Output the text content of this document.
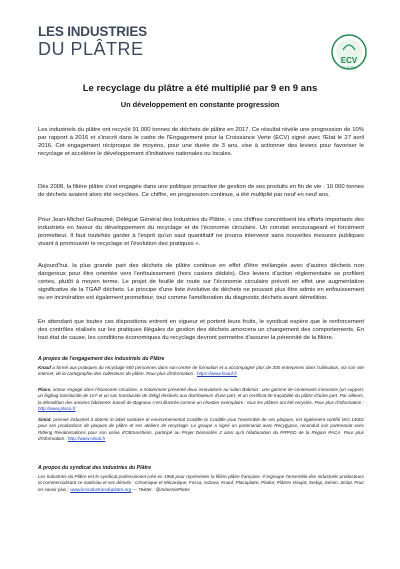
LES INDUSTRIES
DU PLÂTRE
ECV
PLÂTRE
Le recyclage du plâtre a été multiplié par 9 en 9 ans
Un développement en constante progression
Les industriels du plâtre ont recyclé 91 000 tonnes de déchets de plâtre en 2017. Ce résultat révèle une progression de 10% par rapport à 2016 et s'inscrit dans le cadre de l'Engagement pour la Croissance Verte (ECV) signé avec l'Etat le 27 avril 2016. Cet engagement réciproque de moyens, pour une durée de 3 ans, vise à actionner des leviers pour favoriser le recyclage et accélérer le développement d'initiatives nationales ou locales.
Dès 2008, la filière plâtre s'est engagée dans une politique proactive de gestion de ses produits en fin de vie : 10 000 tonnes de déchets avaient alors été recyclées. Ce chiffre, en progression continue, a été multiplié par neuf en neuf ans.
Pour Jean-Michel Guihaumé, Délégué Général des Industries du Plâtre, « ces chiffres concrétisent les efforts importants des industriels en faveur du développement du recyclage et de l'économie circulaire. Un constat encourageant et forcément prometteur. Il faut toutefois garder à l'esprit qu'un saut quantitatif ne pourra intervenir sans nouvelles mesures publiques visant à promouvoir le recyclage et l'évolution des pratiques ».
Aujourd'hui, la plus grande part des déchets de plâtre continue en effet d'être mélangée avec d'autres déchets non dangereux pour être orientée vers l'enfouissement (hors casiers dédiés). Des leviers d'action réglementaire se profilent certes, plutôt à moyen terme. Le projet de feuille de route sur l'économie circulaire prévoit en effet une augmentation significative de la TGAP déchets. Le principe d'une liste évolutive de déchets ne pouvant plus être admis en enfouissement ou en incinération est également prometteur, tout comme l'amélioration du diagnostic déchets avant démolition.
En attendant que toutes ces dispositions entrent en vigueur et portent leurs fruits, le syndicat espère que le renforcement des contrôles réalisés sur les pratiques illégales de gestion des déchets amorcera un changement des comportements. En tout état de cause, les conditions économiques du recyclage devront permettre d'assurer la pérennité de la filière.
A propos de l'engagement des industriels du Plâtre
Knauf a formé aux pratiques du recyclage 550 personnes dans son centre de formation et a accompagné plus de 300 entreprises dans l'utilisation, via son site internet, de la cartographie des collecteurs de plâtre. Pour plus d'information : https://www.knauf.fr
Placo, acteur engagé dans l'économie circulaire, a notamment présenté deux innovations au salon Batimat : une gamme de contenants innovants (un support, un bigbag translucide de 1m³ et un sac translucide de 25kg) destinés aux distributeurs d'une part, et un certificat de traçabilité du plâtre d'autre part. Par ailleurs, la démolition des anciens bâtiments Sanofi de Bagneux s'est illustrée comme un chantier exemplaire : tous les plâtres ont été recyclés. Pour plus d'information : http://www.placo.fr
Siniat, premier industriel à obtenir le label sanitaire et environnemental Craddle to Craddle pour l'ensemble de ses plaques, est également certifié ISO 14001 pour ses productions de plaques de plâtre et ses ateliers de recyclage. Le groupe a signé un partenariat avec Recygypse, reconduit son partenariat avec Ritleng Revalorisations pour son usine d'Ottmarsheim, participé au Projet Démocliès 2 ainsi qu'à l'élaboration du PRPGD de la Région PACA. Pour plus d'information : http://www.siniat.fr
A propos du syndicat des industries du Plâtre
Les Industries du Plâtre est le syndicat professionnel créé en 1966 pour représenter la filière plâtre française. Il regroupe l'ensemble des industriels producteurs et commercialisant ce matériau et ses dérivés : Céramique et Mécanique, Fassa, Isolava, Knauf, Placoplatre, Pladur, Plâtres Vieujot, Sedap, Semin, Siniat. Pour en savoir plus : www.lesindustriesduplatre.org — Twitter : @IndustriePlatre
